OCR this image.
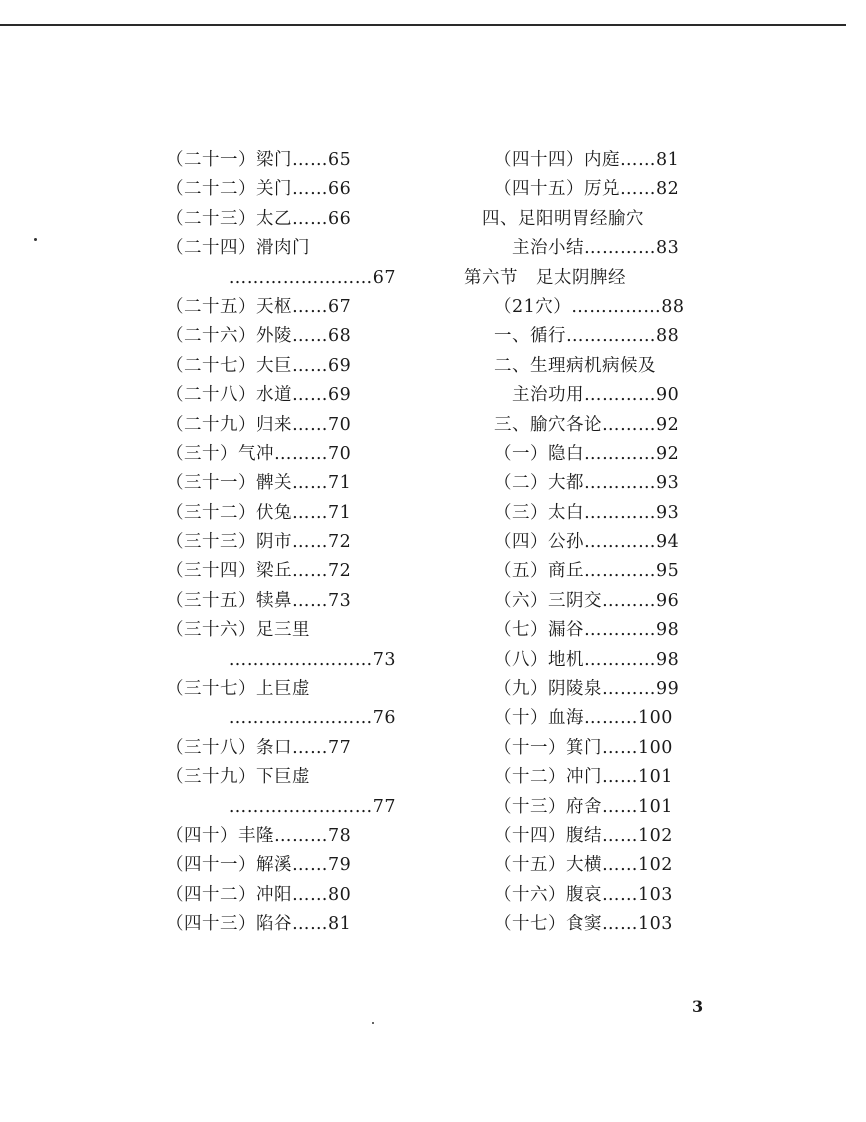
（二十一）梁门……65
（二十二）关门……66
（二十三）太乙……66
（二十四）滑肉门
……………………67
（二十五）天枢……67
（二十六）外陵……68
（二十七）大巨……69
（二十八）水道……69
（二十九）归来……70
（三十）气冲………70
（三十一）髀关……71
（三十二）伏兔……71
（三十三）阴市……72
（三十四）梁丘……72
（三十五）犊鼻……73
（三十六）足三里
……………………73
（三十七）上巨虚
……………………76
（三十八）条口……77
（三十九）下巨虚
……………………77
（四十）丰隆………78
（四十一）解溪……79
（四十二）冲阳……80
（四十三）陷谷……81
（四十四）内庭……81
（四十五）厉兑……82
四、足阳明胃经腧穴
主治小结…………83
第六节　足太阴脾经
（21穴）……………88
一、循行……………88
二、生理病机病候及
主治功用…………90
三、腧穴各论………92
（一）隐白…………92
（二）大都…………93
（三）太白…………93
（四）公孙…………94
（五）商丘…………95
（六）三阴交………96
（七）漏谷…………98
（八）地机…………98
（九）阴陵泉………99
（十）血海………100
（十一）箕门……100
（十二）冲门……101
（十三）府舍……101
（十四）腹结……102
（十五）大横……102
（十六）腹哀……103
（十七）食窦……103
3
